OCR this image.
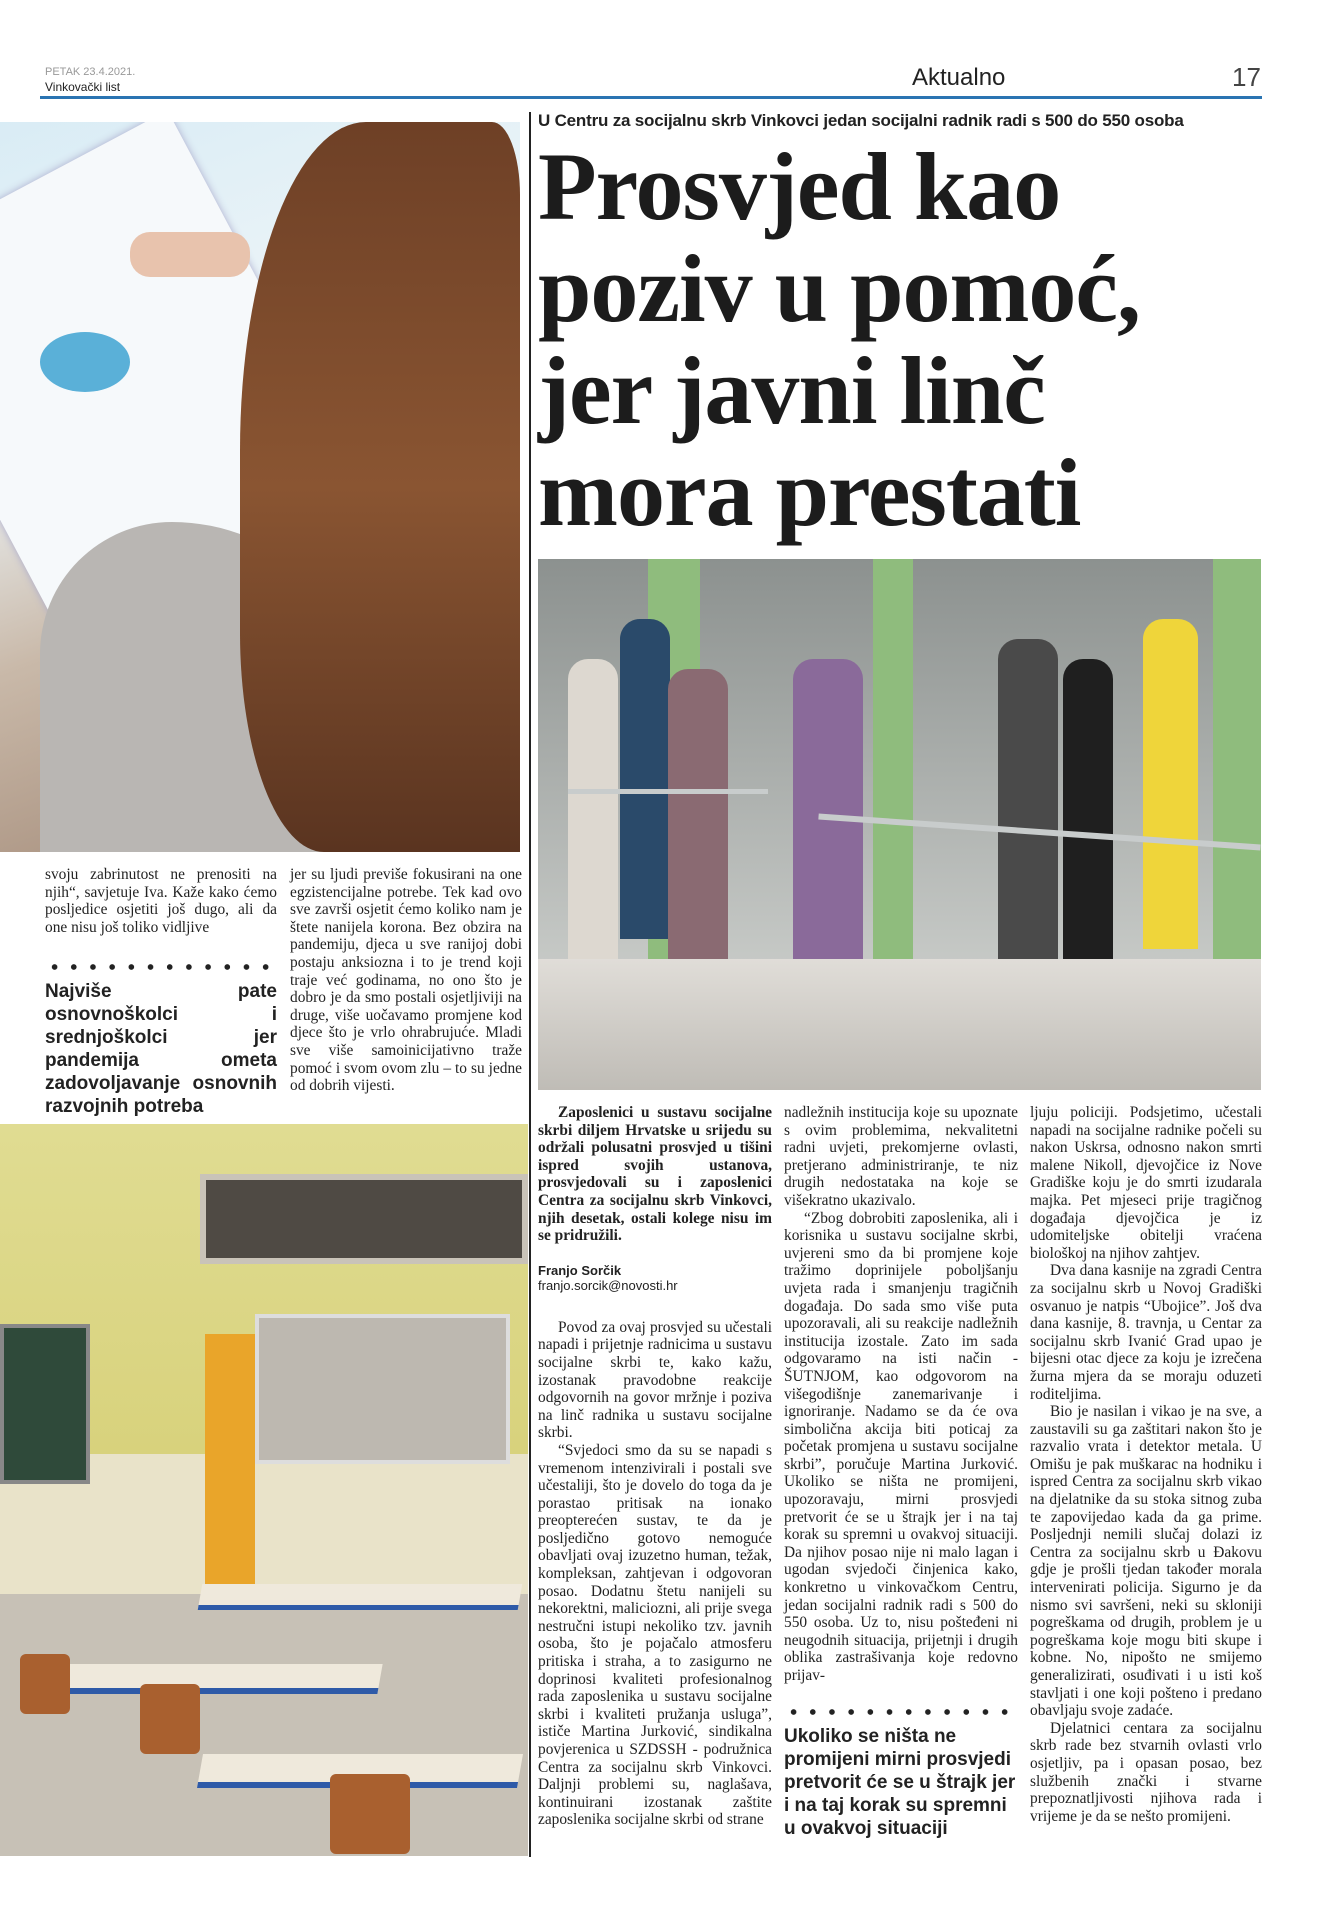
PETAK 23.4.2021.
Vinkovački list	Aktualno	17

svoju zabrinutost ne prenositi na njih“, savjetuje Iva. Kaže kako ćemo posljedice osjetiti još dugo, ali da one nisu još toliko vidljive

Najviše pate osnovnoškolci i srednjoškolci jer pandemija ometa zadovoljavanje osnovnih razvojnih potreba

jer su ljudi previše fokusirani na one egzistencijalne potrebe. Tek kad ovo sve završi osjetit ćemo koliko nam je štete nanijela korona. Bez obzira na pandemiju, djeca u sve ranijoj dobi postaju anksiozna i to je trend koji traje već godinama, no ono što je dobro je da smo postali osjetljiviji na druge, više uočavamo promjene kod djece što je vrlo ohrabrujuće. Mladi sve više samoinicijativno traže pomoć i svom ovom zlu – to su jedne od dobrih vijesti.

U Centru za socijalnu skrb Vinkovci jedan socijalni radnik radi s 500 do 550 osoba
Prosvjed kao poziv u pomoć, jer javni linč mora prestati
Zaposlenici u sustavu socijalne skrbi diljem Hrvatske u srijedu su održali polusatni prosvjed u tišini ispred svojih ustanova, prosvjedovali su i zaposlenici Centra za socijalnu skrb Vinkovci, njih desetak, ostali kolege nisu im se pridružili.
Franjo Sorčik
franjo.sorcik@novosti.hr

Povod za ovaj prosvjed su učestali napadi i prijetnje radnicima u sustavu socijalne skrbi te, kako kažu, izostanak pravodobne reakcije odgovornih na govor mržnje i poziva na linč radnika u sustavu socijalne skrbi.

“Svjedoci smo da su se napadi s vremenom intenzivirali i postali sve učestaliji, što je dovelo do toga da je porastao pritisak na ionako preopterećen sustav, te da je posljedično gotovo nemoguće obavljati ovaj izuzetno human, težak, kompleksan, zahtjevan i odgovoran posao. Dodatnu štetu nanijeli su nekorektni, maliciozni, ali prije svega nestručni istupi nekoliko tzv. javnih osoba, što je pojačalo atmosferu pritiska i straha, a to zasigurno ne doprinosi kvaliteti profesionalnog rada zaposlenika u sustavu socijalne skrbi i kvaliteti pružanja usluga”, ističe Martina Jurković, sindikalna povjerenica u SZDSSH - podružnica Centra za socijalnu skrb Vinkovci. Daljnji problemi su, naglašava, kontinuirani izostanak zaštite zaposlenika socijalne skrbi od strane

nadležnih institucija koje su upoznate s ovim problemima, nekvalitetni radni uvjeti, prekomjerne ovlasti, pretjerano administriranje, te niz drugih nedostataka na koje se višekratno ukazivalo.

“Zbog dobrobiti zaposlenika, ali i korisnika u sustavu socijalne skrbi, uvjereni smo da bi promjene koje tražimo doprinijele poboljšanju uvjeta rada i smanjenju tragičnih događaja. Do sada smo više puta upozoravali, ali su reakcije nadležnih institucija izostale. Zato im sada odgovaramo na isti način - ŠUTNJOM, kao odgovorom na višegodišnje zanemarivanje i ignoriranje. Nadamo se da će ova simbolična akcija biti poticaj za početak promjena u sustavu socijalne skrbi”, poručuje Martina Jurković. Ukoliko se ništa ne promijeni, upozoravaju, mirni prosvjedi pretvorit će se u štrajk jer i na taj korak su spremni u ovakvoj situaciji. Da njihov posao nije ni malo lagan i ugodan svjedoči činjenica kako, konkretno u vinkovačkom Centru, jedan socijalni radnik radi s 500 do 550 osoba. Uz to, nisu pošteđeni ni neugodnih situacija, prijetnji i drugih oblika zastrašivanja koje redovno prijav-

Ukoliko se ništa ne promijeni mirni prosvjedi pretvorit će se u štrajk jer i na taj korak su spremni u ovakvoj situaciji

ljuju policiji. Podsjetimo, učestali napadi na socijalne radnike počeli su nakon Uskrsa, odnosno nakon smrti malene Nikoll, djevojčice iz Nove Gradiške koju je do smrti izudarala majka. Pet mjeseci prije tragičnog događaja djevojčica je iz udomiteljske obitelji vraćena biološkoj na njihov zahtjev.

Dva dana kasnije na zgradi Centra za socijalnu skrb u Novoj Gradiški osvanuo je natpis “Ubojice”. Još dva dana kasnije, 8. travnja, u Centar za socijalnu skrb Ivanić Grad upao je bijesni otac djece za koju je izrečena žurna mjera da se moraju oduzeti roditeljima.

Bio je nasilan i vikao je na sve, a zaustavili su ga zaštitari nakon što je razvalio vrata i detektor metala. U Omišu je pak muškarac na hodniku i ispred Centra za socijalnu skrb vikao na djelatnike da su stoka sitnog zuba te zapovijedao kada da ga prime. Posljednji nemili slučaj dolazi iz Centra za socijalnu skrb u Đakovu gdje je prošli tjedan također morala intervenirati policija. Sigurno je da nismo svi savršeni, neki su skloniji pogreškama od drugih, problem je u pogreškama koje mogu biti skupe i kobne. No, nipošto ne smijemo generalizirati, osuđivati i u isti koš stavljati i one koji pošteno i predano obavljaju svoje zadaće.

Djelatnici centara za socijalnu skrb rade bez stvarnih ovlasti vrlo osjetljiv, pa i opasan posao, bez službenih znački i stvarne prepoznatljivosti njihova rada i vrijeme je da se nešto promijeni.
